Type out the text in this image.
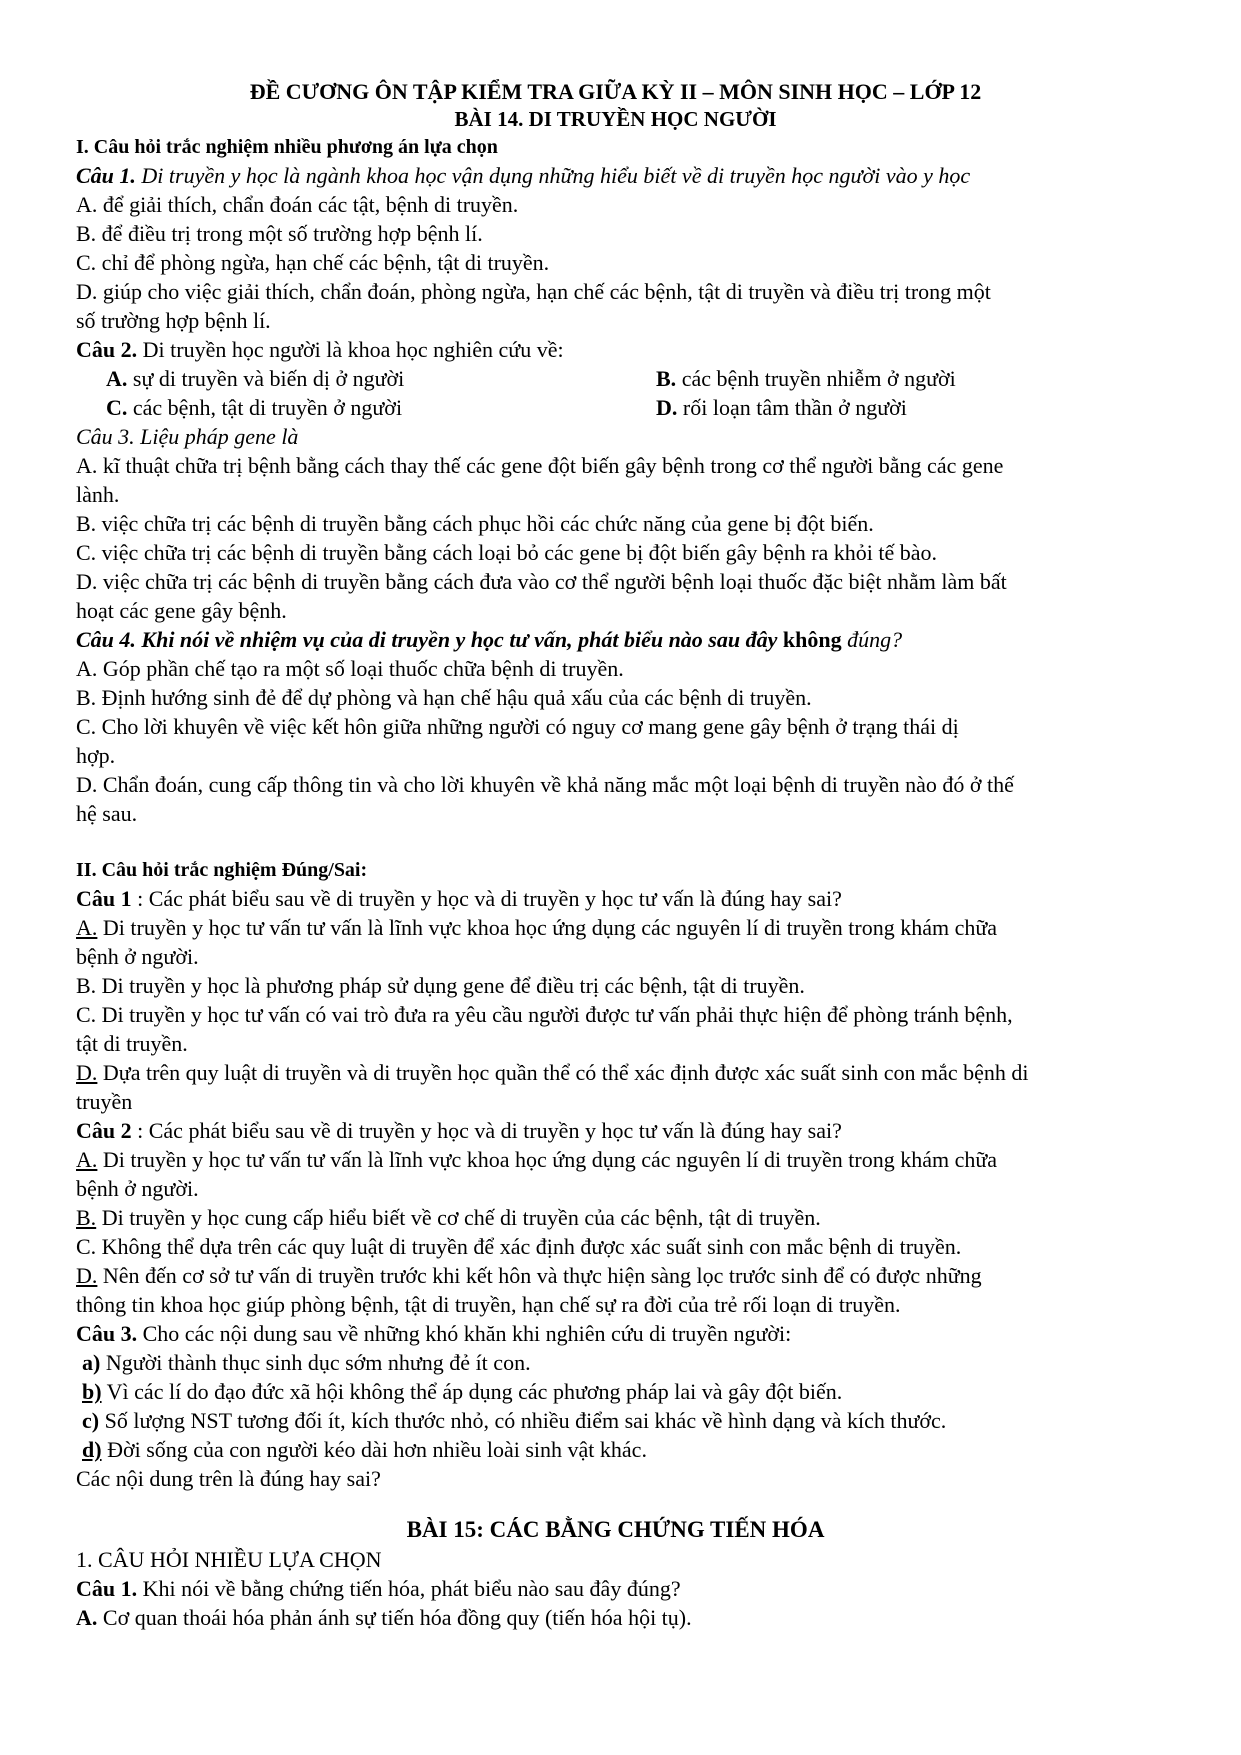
ĐỀ CƯƠNG ÔN TẬP KIỂM TRA GIỮA KỲ II – MÔN SINH HỌC – LỚP 12
BÀI 14. DI TRUYỀN HỌC NGƯỜI
I. Câu hỏi trắc nghiệm nhiều phương án lựa chọn

Câu 1. Di truyền y học là ngành khoa học vận dụng những hiểu biết về di truyền học người vào y học

A. để giải thích, chẩn đoán các tật, bệnh di truyền.

B. để điều trị trong một số trường hợp bệnh lí.

C. chỉ để phòng ngừa, hạn chế các bệnh, tật di truyền.

D. giúp cho việc giải thích, chẩn đoán, phòng ngừa, hạn chế các bệnh, tật di truyền và điều trị trong một

số trường hợp bệnh lí.

Câu 2. Di truyền học người là khoa học nghiên cứu về:

A. sự di truyền và biến dị ở người	B. các bệnh truyền nhiễm ở người
C. các bệnh, tật di truyền ở người	D. rối loạn tâm thần ở người

Câu 3. Liệu pháp gene là

A. kĩ thuật chữa trị bệnh bằng cách thay thế các gene đột biến gây bệnh trong cơ thể người bằng các gene

lành.

B. việc chữa trị các bệnh di truyền bằng cách phục hồi các chức năng của gene bị đột biến.

C. việc chữa trị các bệnh di truyền bằng cách loại bỏ các gene bị đột biến gây bệnh ra khỏi tế bào.

D. việc chữa trị các bệnh di truyền bằng cách đưa vào cơ thể người bệnh loại thuốc đặc biệt nhằm làm bất

hoạt các gene gây bệnh.

Câu 4. Khi nói về nhiệm vụ của di truyền y học tư vấn, phát biểu nào sau đây không đúng?

A. Góp phần chế tạo ra một số loại thuốc chữa bệnh di truyền.

B. Định hướng sinh đẻ để dự phòng và hạn chế hậu quả xấu của các bệnh di truyền.

C. Cho lời khuyên về việc kết hôn giữa những người có nguy cơ mang gene gây bệnh ở trạng thái dị

hợp.

D. Chẩn đoán, cung cấp thông tin và cho lời khuyên về khả năng mắc một loại bệnh di truyền nào đó ở thế

hệ sau.

II. Câu hỏi trắc nghiệm Đúng/Sai:

Câu 1 : Các phát biểu sau về di truyền y học và di truyền y học tư vấn là đúng hay sai?

A. Di truyền y học tư vấn tư vấn là lĩnh vực khoa học ứng dụng các nguyên lí di truyền trong khám chữa

bệnh ở người.

B. Di truyền y học là phương pháp sử dụng gene để điều trị các bệnh, tật di truyền.

C. Di truyền y học tư vấn có vai trò đưa ra yêu cầu người được tư vấn phải thực hiện để phòng tránh bệnh,

tật di truyền.

D. Dựa trên quy luật di truyền và di truyền học quần thể có thể xác định được xác suất sinh con mắc bệnh di

truyền

Câu 2 : Các phát biểu sau về di truyền y học và di truyền y học tư vấn là đúng hay sai?

A. Di truyền y học tư vấn tư vấn là lĩnh vực khoa học ứng dụng các nguyên lí di truyền trong khám chữa

bệnh ở người.

B. Di truyền y học cung cấp hiểu biết về cơ chế di truyền của các bệnh, tật di truyền.

C. Không thể dựa trên các quy luật di truyền để xác định được xác suất sinh con mắc bệnh di truyền.

D. Nên đến cơ sở tư vấn di truyền trước khi kết hôn và thực hiện sàng lọc trước sinh để có được những

thông tin khoa học giúp phòng bệnh, tật di truyền, hạn chế sự ra đời của trẻ rối loạn di truyền.

Câu 3. Cho các nội dung sau về những khó khăn khi nghiên cứu di truyền người:

a) Người thành thục sinh dục sớm nhưng đẻ ít con.

b) Vì các lí do đạo đức xã hội không thể áp dụng các phương pháp lai và gây đột biến.

c) Số lượng NST tương đối ít, kích thước nhỏ, có nhiều điểm sai khác về hình dạng và kích thước.

d) Đời sống của con người kéo dài hơn nhiều loài sinh vật khác.

Các nội dung trên là đúng hay sai?

BÀI 15: CÁC BẰNG CHỨNG TIẾN HÓA

1. CÂU HỎI NHIỀU LỰA CHỌN

Câu 1. Khi nói về bằng chứng tiến hóa, phát biểu nào sau đây đúng?

A. Cơ quan thoái hóa phản ánh sự tiến hóa đồng quy (tiến hóa hội tụ).
